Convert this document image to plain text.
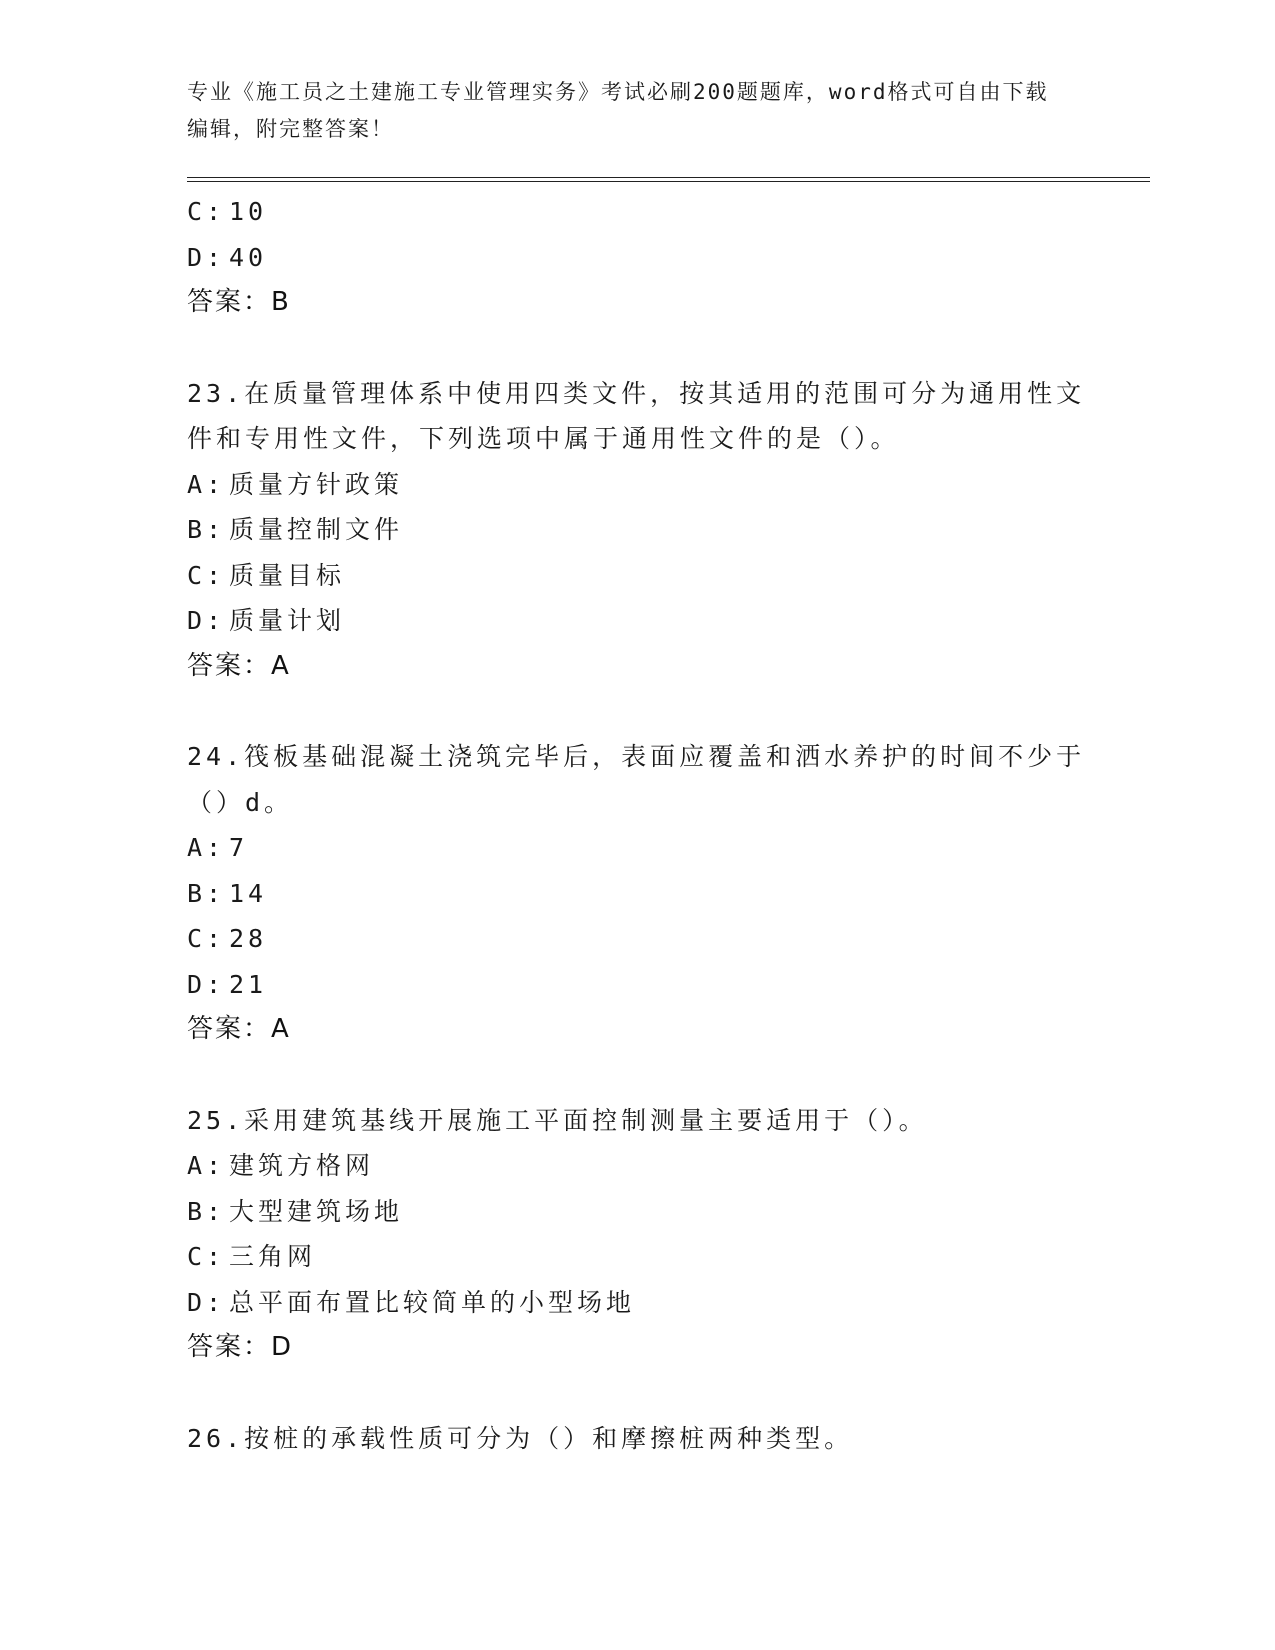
专业《施工员之土建施工专业管理实务》考试必刷200题题库，word格式可自由下载编辑，附完整答案！
C: 10
D: 40
答案：B
23.在质量管理体系中使用四类文件，按其适用的范围可分为通用性文件和专用性文件，下列选项中属于通用性文件的是（）。
A: 质量方针政策
B: 质量控制文件
C: 质量目标
D: 质量计划
答案：A
24.筏板基础混凝土浇筑完毕后，表面应覆盖和洒水养护的时间不少于（）d。
A: 7
B: 14
C: 28
D: 21
答案：A
25.采用建筑基线开展施工平面控制测量主要适用于（）。
A: 建筑方格网
B: 大型建筑场地
C: 三角网
D: 总平面布置比较简单的小型场地
答案：D
26.按桩的承载性质可分为（）和摩擦桩两种类型。
